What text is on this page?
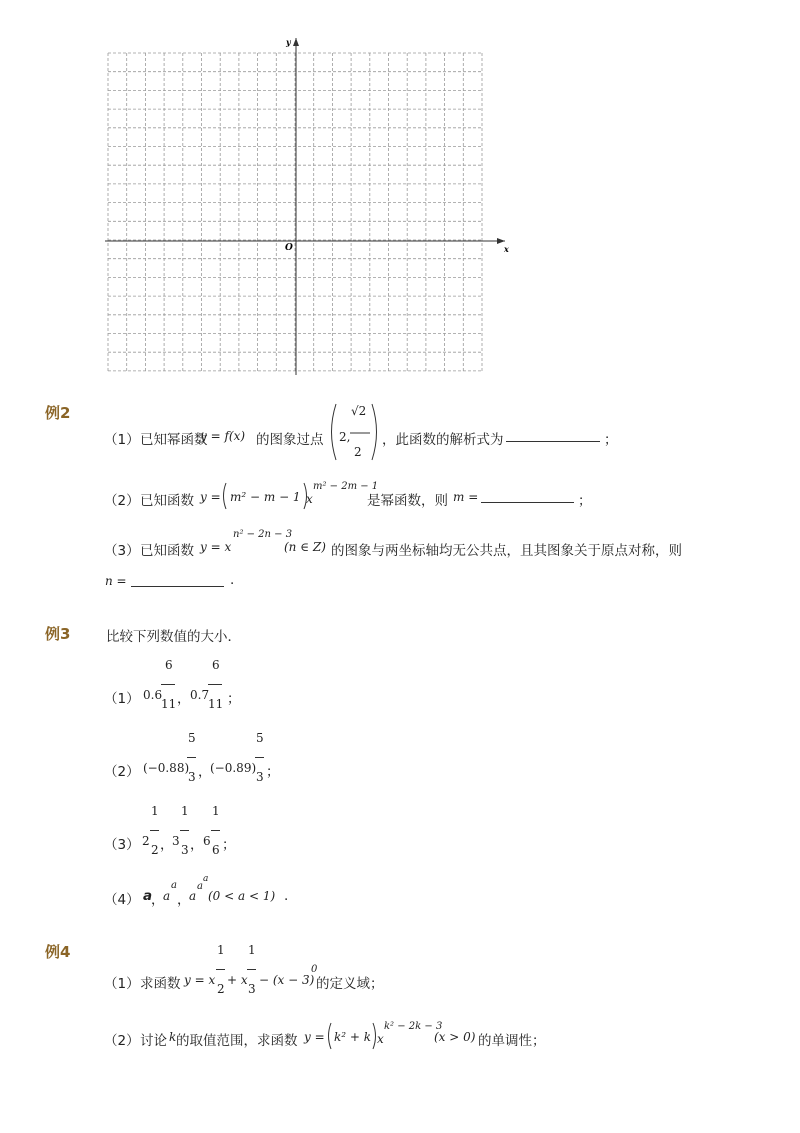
x
y
O
例2
（1） 已知幂函数
y = f(x) 的图象过点 2,
√2
2
，此函数的解析式为	；
（2） 已知函数 y = m² − m − 1 x
m² − 2m − 1
是幂函数，则 m =	；
（3） 已知函数 y = x
n² − 2n − 3
(n ∈ Z) 的图象与两坐标轴均无公共点，且其图象关于原点对称，则
n =	.
例3	比较下列数值的大小．
（1） 0.6
6
11 ， 0.7
6
11 ；
（2） (−0.88)
5
3 ，
(−0.89)
5
3 ；
（3） 2
1
2 ，
3
1
3 ， 6
1
6 ；
（4） a
，
a
a
，
a
a
a
(0 < a < 1) .
例4
（1） 求函数 y = x
1
2
+ x
1
3
− (x − 3)
0
的定义域；
（2） 讨论 k 的取值范围，求函数 y = k² + k x
k² − 2k − 3
(x > 0) 的单调性；
